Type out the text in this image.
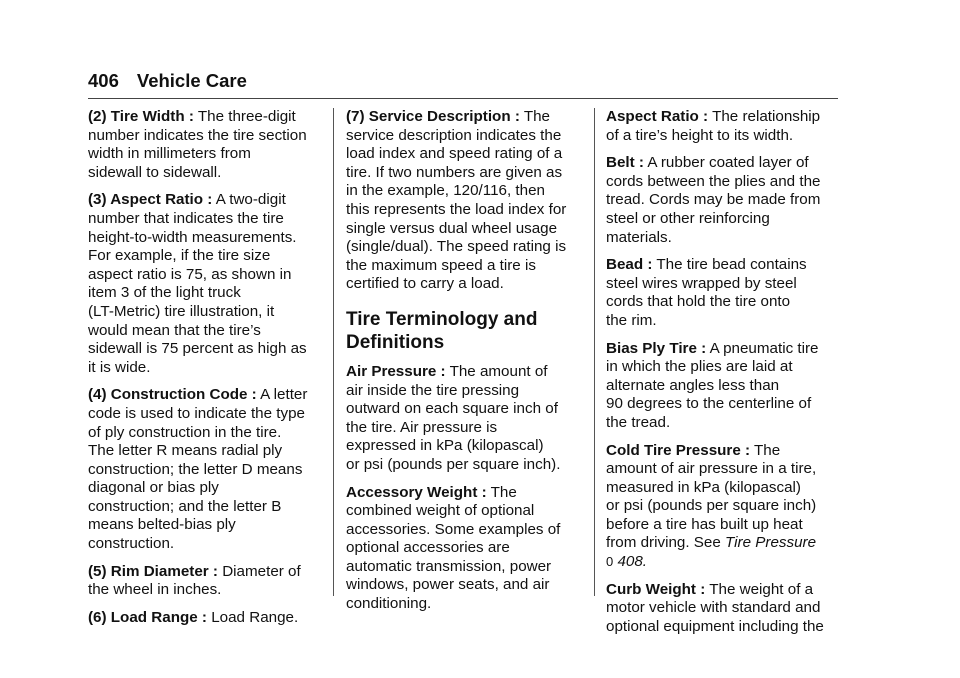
406 Vehicle Care
(2) Tire Width : The three-digit
number indicates the tire section
width in millimeters from
sidewall to sidewall.
(3) Aspect Ratio : A two-digit
number that indicates the tire
height-to-width measurements.
For example, if the tire size
aspect ratio is 75, as shown in
item 3 of the light truck
(LT-Metric) tire illustration, it
would mean that the tire’s
sidewall is 75 percent as high as
it is wide.
(4) Construction Code : A letter
code is used to indicate the type
of ply construction in the tire.
The letter R means radial ply
construction; the letter D means
diagonal or bias ply
construction; and the letter B
means belted-bias ply
construction.
(5) Rim Diameter : Diameter of
the wheel in inches.
(6) Load Range : Load Range.
(7) Service Description : The
service description indicates the
load index and speed rating of a
tire. If two numbers are given as
in the example, 120/116, then
this represents the load index for
single versus dual wheel usage
(single/dual). The speed rating is
the maximum speed a tire is
certified to carry a load.
Tire Terminology and
Definitions
Air Pressure : The amount of
air inside the tire pressing
outward on each square inch of
the tire. Air pressure is
expressed in kPa (kilopascal)
or psi (pounds per square inch).
Accessory Weight : The
combined weight of optional
accessories. Some examples of
optional accessories are
automatic transmission, power
windows, power seats, and air
conditioning.
Aspect Ratio : The relationship
of a tire’s height to its width.
Belt : A rubber coated layer of
cords between the plies and the
tread. Cords may be made from
steel or other reinforcing
materials.
Bead : The tire bead contains
steel wires wrapped by steel
cords that hold the tire onto
the rim.
Bias Ply Tire : A pneumatic tire
in which the plies are laid at
alternate angles less than
90 degrees to the centerline of
the tread.
Cold Tire Pressure : The
amount of air pressure in a tire,
measured in kPa (kilopascal)
or psi (pounds per square inch)
before a tire has built up heat
from driving. See Tire Pressure
0 408.
Curb Weight : The weight of a
motor vehicle with standard and
optional equipment including the
